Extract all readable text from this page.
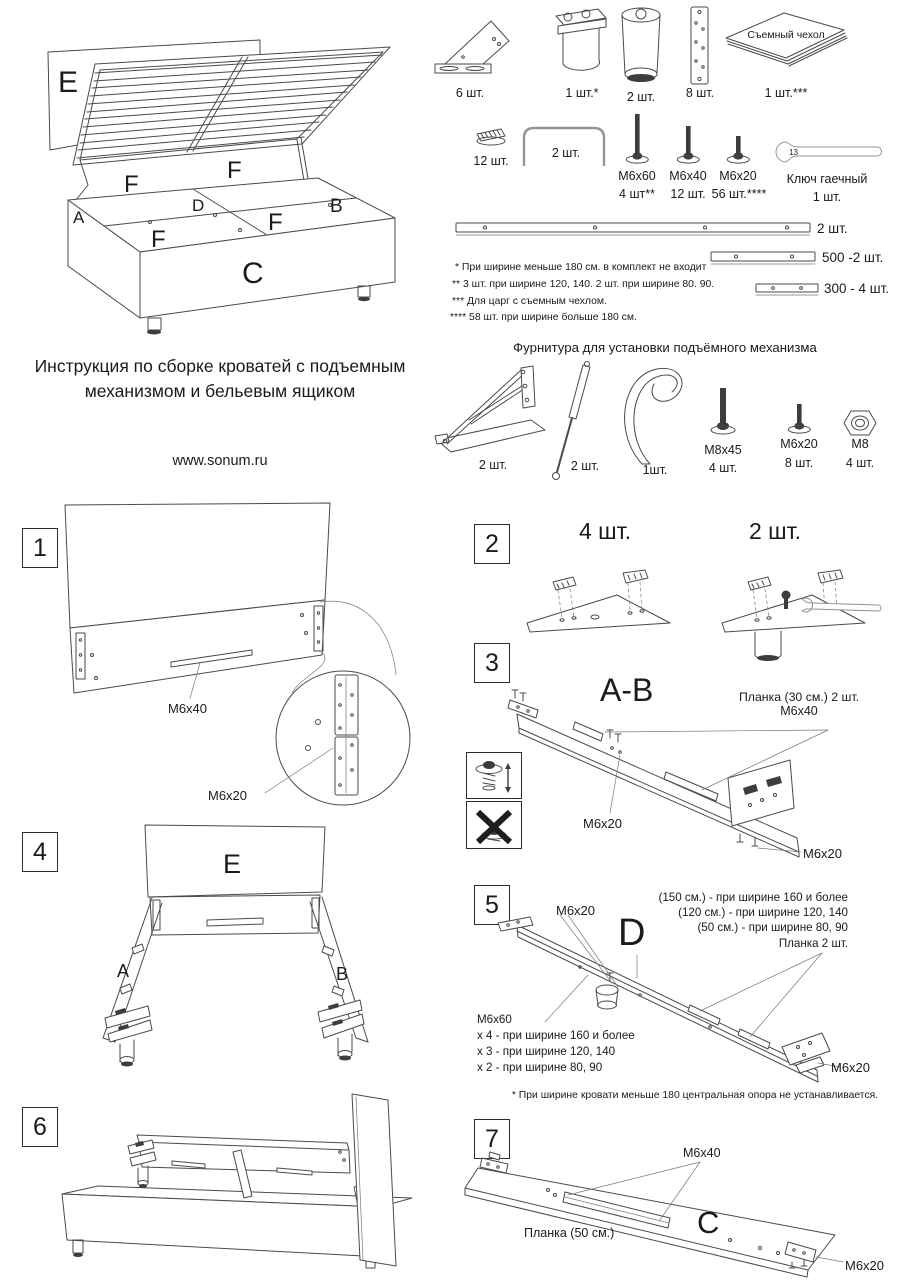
E
F
F
A
D	B
F
F
C
6 шт.	1 шт.*	2 шт.	8 шт.
Съемный чехол
1 шт.***
12 шт.
2 шт.
M6x60
4 шт**
M6x40
12 шт.
M6x20
56 шт.****
13
Ключ гаечный
1 шт.
2 шт.
500 -2 шт.
300 - 4 шт.
* При ширине меньше 180 см. в комплект не входит
** 3 шт. при ширине 120, 140. 2 шт. при ширине 80. 90.
*** Для царг с съемным чехлом.
**** 58 шт. при ширине больше 180 см.
Инструкция по сборке кроватей с подъемным
механизмом и бельевым ящиком
www.sonum.ru
Фурнитура для установки подъёмного механизма
2 шт.	2 шт.	1шт.
M8x45
4 шт.
M6x20
8 шт.
M8
4 шт.
1
M6x40
M6x20
2	4 шт.	2 шт.
3
A-B	Планка (30 см.) 2 шт.
M6x40
M6x20
M6x20
4	E
A	B
5	M6x20
D
(150 см.) - при ширине 160 и более
(120 см.) - при ширине 120, 140
(50 см.) - при ширине 80, 90
Планка 2 шт.
M6x60
х 4 - при ширине 160 и более
х 3 - при ширине 120, 140
х 2 - при ширине 80, 90	M6x20
* При ширине кровати меньше 180 центральная опора не устанавливается.
6	7
M6x40
Планка (50 см.)	C
M6x20
